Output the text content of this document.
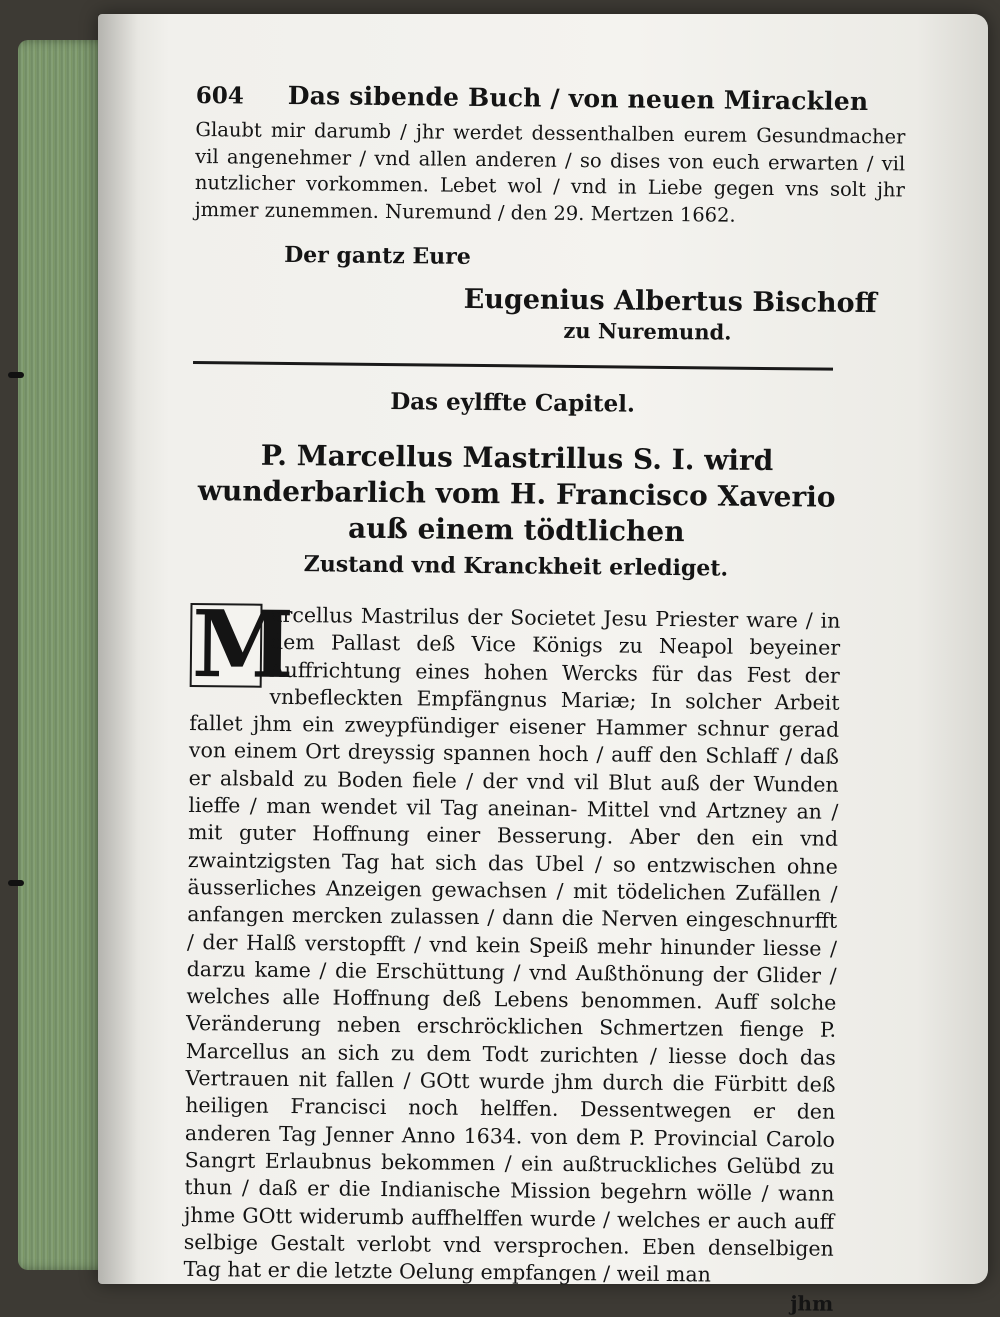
604	Das sibende Buch / von neuen Miracklen
Glaubt mir darumb / jhr werdet dessenthalben eurem Gesundmacher vil angenehmer / vnd allen anderen / so dises von euch erwarten / vil nutzlicher vorkommen. Lebet wol / vnd in Liebe gegen vns solt jhr jmmer zunemmen. Nuremund / den 29. Mertzen 1662.
Der gantz Eure
Eugenius Albertus Bischoff
zu Nuremund.
Das eylffte Capitel.
P. Marcellus Mastrillus S. I. wird wunderbarlich vom H. Francisco Xaverio auß einem tödtlichen
Zustand vnd Kranckheit erlediget.
M
arcellus Mastrilus der Societet Jesu Priester ware / in dem Pallast deß Vice Königs zu Neapol beyeiner Auffrichtung eines hohen Wercks für das Fest der vnbefleckten Empfängnus Mariæ; In solcher Arbeit fallet jhm ein zweypfündiger eisener Hammer schnur gerad von einem Ort dreyssig spannen hoch / auff den Schlaff / daß er alsbald zu Boden fiele / der vnd vil Blut auß der Wunden lieffe / man wendet vil Tag aneinan- Mittel vnd Artzney an / mit guter Hoffnung einer Besserung. Aber den ein vnd zwaintzigsten Tag hat sich das Ubel / so entzwischen ohne äusserliches Anzeigen gewachsen / mit tödelichen Zufällen / anfangen mercken zulassen / dann die Nerven eingeschnurfft / der Halß verstopfft / vnd kein Speiß mehr hinunder liesse / darzu kame / die Erschüttung / vnd Außthönung der Glider / welches alle Hoffnung deß Lebens benommen. Auff solche Veränderung neben erschröcklichen Schmertzen fienge P. Marcellus an sich zu dem Todt zurichten / liesse doch das Vertrauen nit fallen / GOtt wurde jhm durch die Fürbitt deß heiligen Francisci noch helffen. Dessentwegen er den anderen Tag Jenner Anno 1634. von dem P. Provincial Carolo Sangrt Erlaubnus bekommen / ein außtruckliches Gelübd zu thun / daß er die Indianische Mission begehrn wölle / wann jhme GOtt widerumb auffhelffen wurde / welches er auch auff selbige Gestalt verlobt vnd versprochen. Eben denselbigen Tag hat er die letzte Oelung empfangen / weil man
jhm
